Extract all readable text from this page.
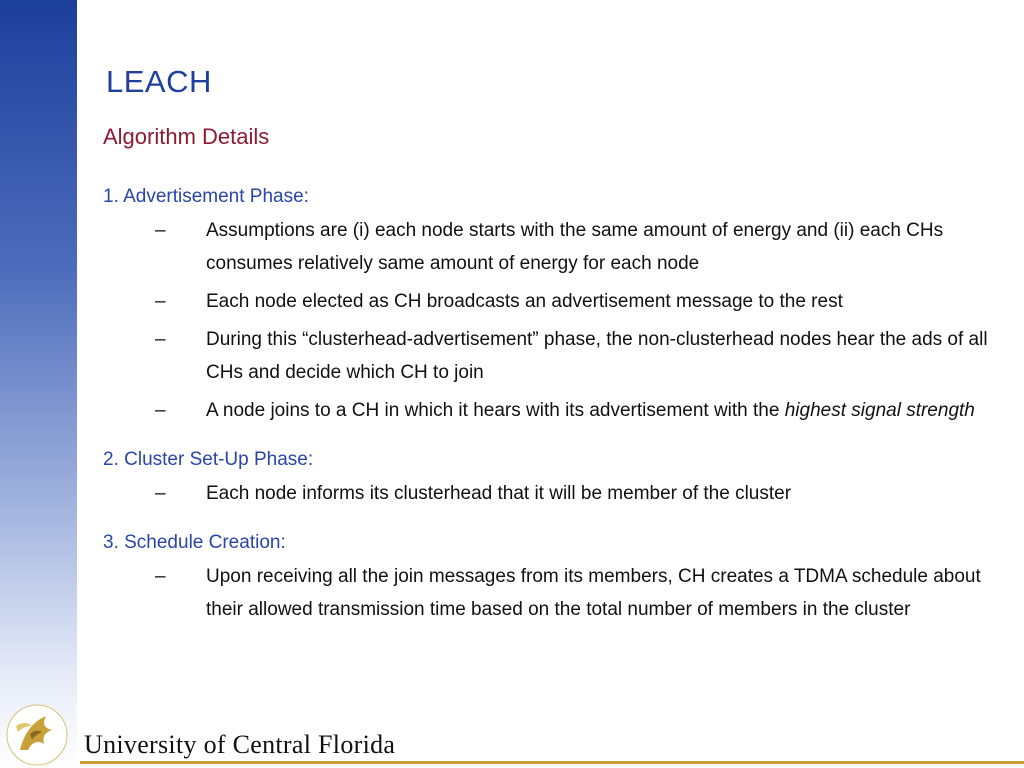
LEACH
Algorithm Details
1. Advertisement Phase:
– Assumptions are (i) each node starts with the same amount of energy and (ii) each CHs consumes relatively same amount of energy for each node
– Each node elected as CH broadcasts an advertisement message to the rest
– During this “clusterhead-advertisement” phase, the non-clusterhead nodes hear the ads of all CHs and decide which CH to join
– A node joins to a CH in which it hears with its advertisement with the highest signal strength
2. Cluster Set-Up Phase:
– Each node informs its clusterhead that it will be member of the cluster
3. Schedule Creation:
– Upon receiving all the join messages from its members, CH creates a TDMA schedule about their allowed transmission time based on the total number of members in the cluster
University of Central Florida
